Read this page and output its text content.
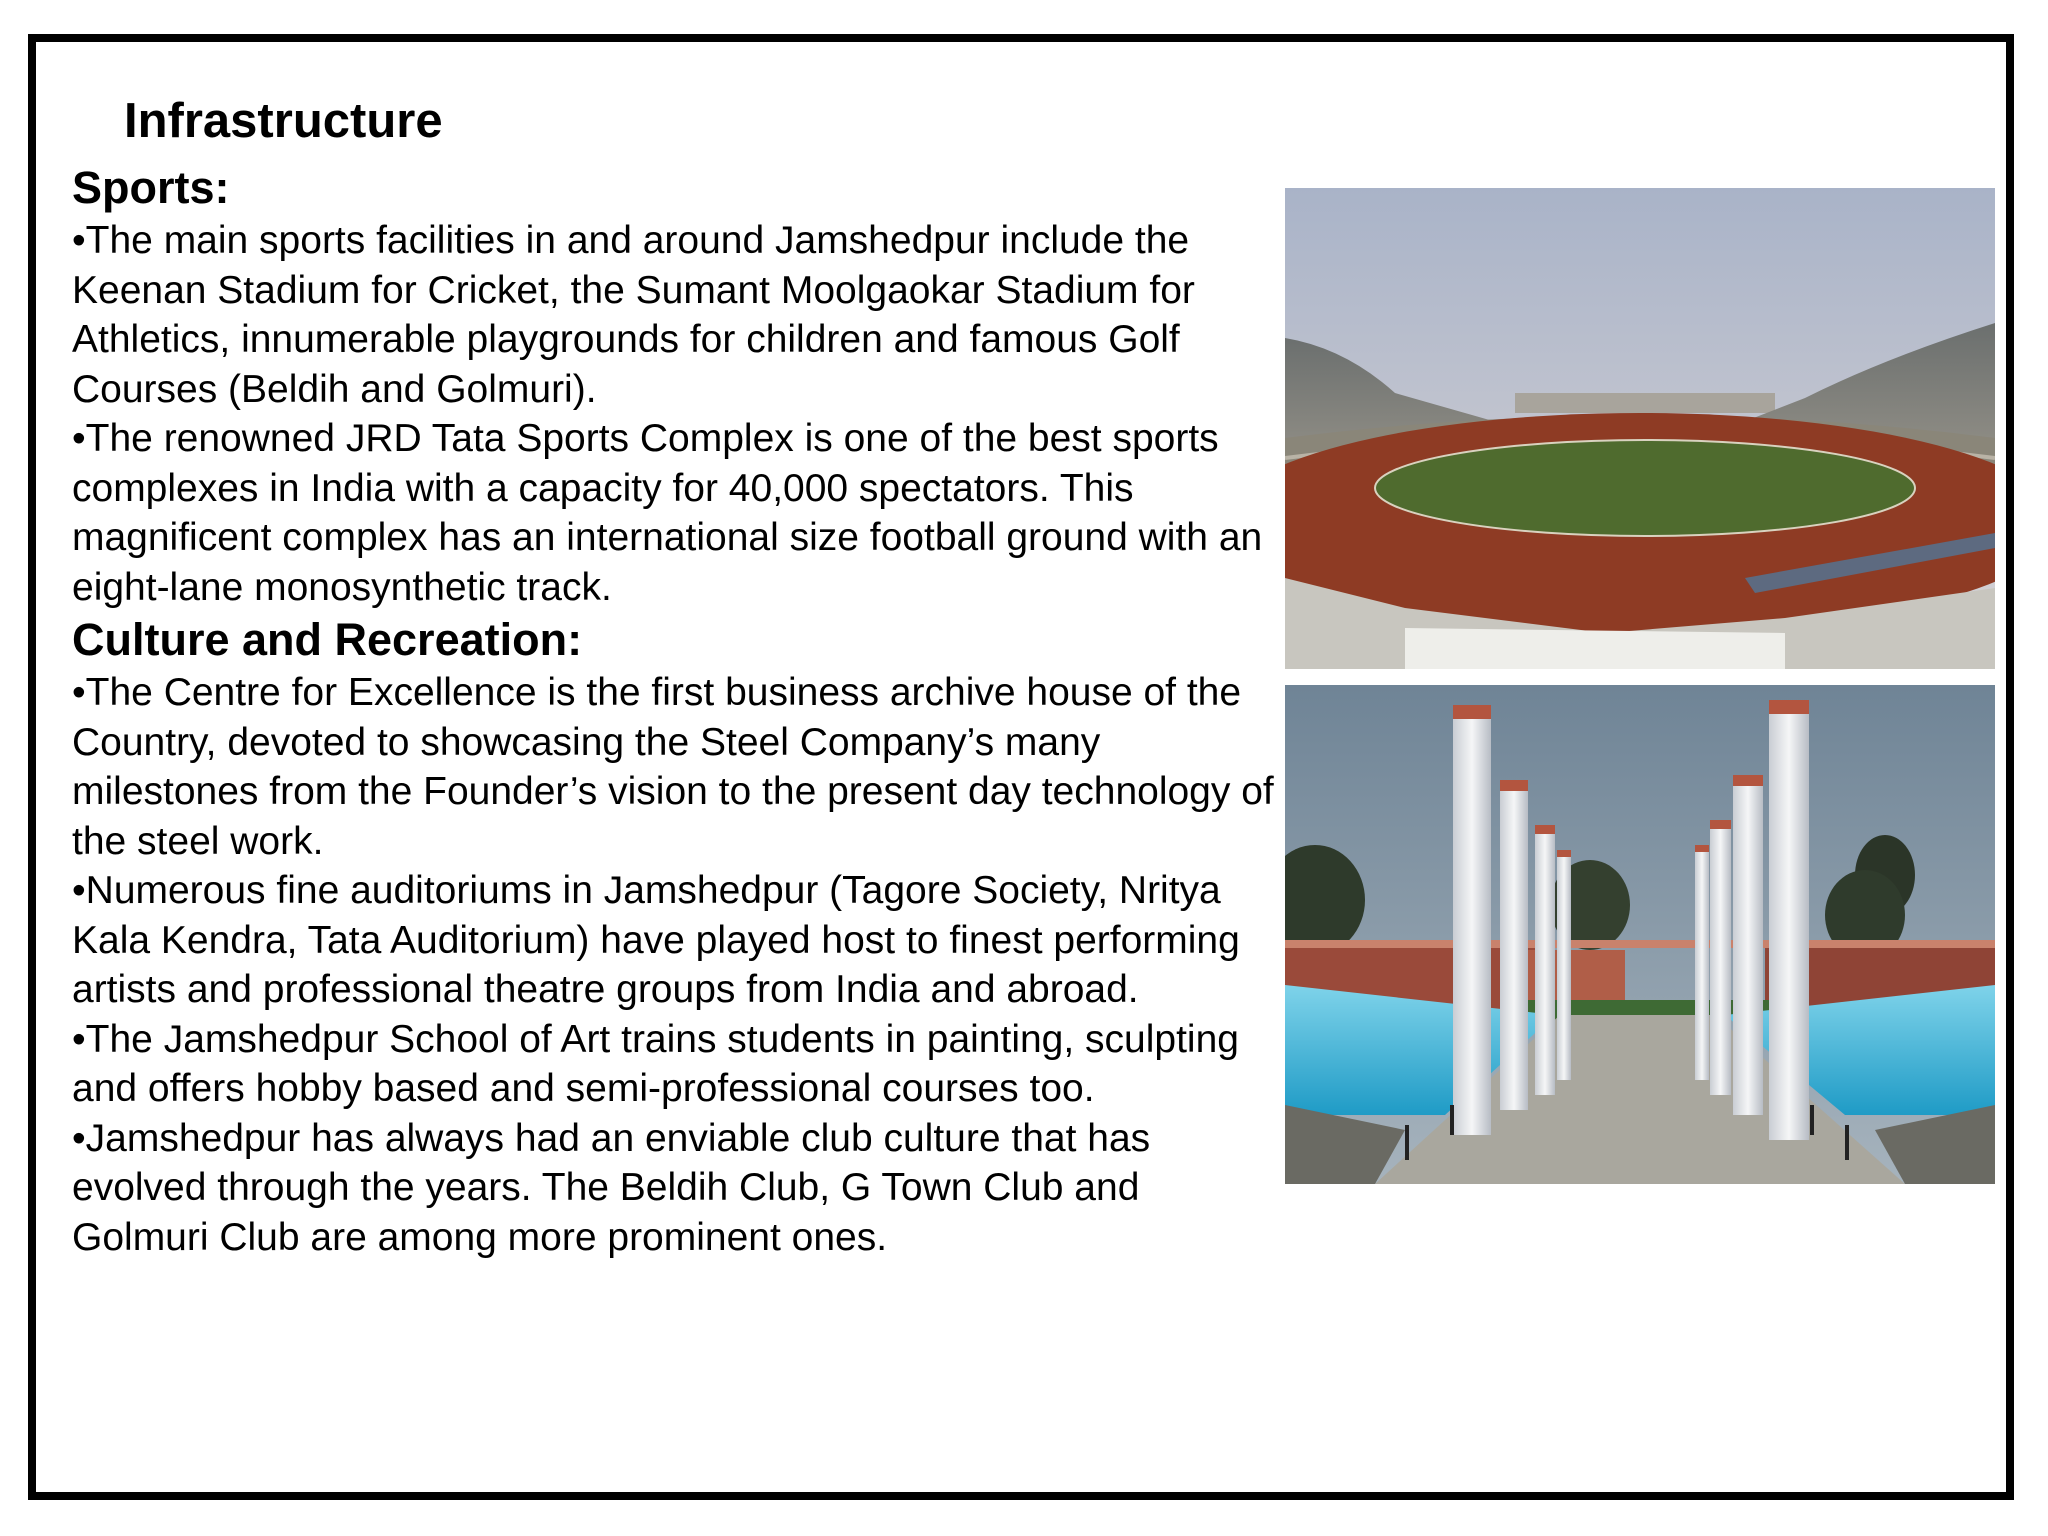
Infrastructure
Sports:

•The main sports facilities in and around Jamshedpur include the Keenan Stadium for Cricket, the Sumant Moolgaokar Stadium for Athletics, innumerable playgrounds for children and famous Golf Courses (Beldih and Golmuri).

•The renowned JRD Tata Sports Complex is one of the best sports complexes in India with a capacity for 40,000 spectators. This magnificent complex has an international size football ground with an eight-lane monosynthetic track.

Culture and Recreation:

•The Centre for Excellence is the first business archive house of the Country, devoted to showcasing the Steel Company’s many milestones from the Founder’s vision to the present day technology of the steel work.

•Numerous fine auditoriums in Jamshedpur (Tagore Society, Nritya Kala Kendra, Tata Auditorium) have played host to finest performing artists and professional theatre groups from India and abroad.

•The Jamshedpur School of Art trains students in painting, sculpting and offers hobby based and semi-professional courses too.

•Jamshedpur has always had an enviable club culture that has evolved through the years. The Beldih Club, G Town Club and Golmuri Club are among more prominent ones.
